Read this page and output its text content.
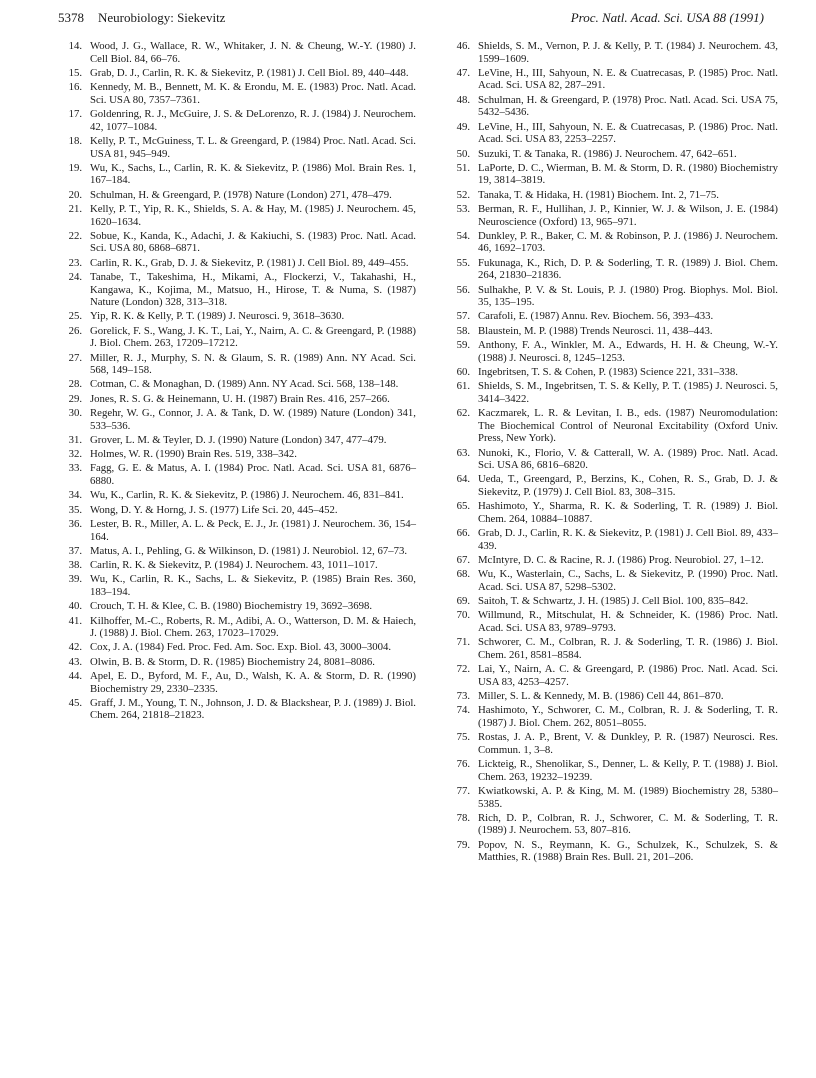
5378 Neurobiology: Siekevitz	Proc. Natl. Acad. Sci. USA 88 (1991)
14. Wood, J. G., Wallace, R. W., Whitaker, J. N. & Cheung, W.-Y. (1980) J. Cell Biol. 84, 66–76.
15. Grab, D. J., Carlin, R. K. & Siekevitz, P. (1981) J. Cell Biol. 89, 440–448.
16. Kennedy, M. B., Bennett, M. K. & Erondu, M. E. (1983) Proc. Natl. Acad. Sci. USA 80, 7357–7361.
17. Goldenring, R. J., McGuire, J. S. & DeLorenzo, R. J. (1984) J. Neurochem. 42, 1077–1084.
18. Kelly, P. T., McGuiness, T. L. & Greengard, P. (1984) Proc. Natl. Acad. Sci. USA 81, 945–949.
19. Wu, K., Sachs, L., Carlin, R. K. & Siekevitz, P. (1986) Mol. Brain Res. 1, 167–184.
20. Schulman, H. & Greengard, P. (1978) Nature (London) 271, 478–479.
21. Kelly, P. T., Yip, R. K., Shields, S. A. & Hay, M. (1985) J. Neurochem. 45, 1620–1634.
22. Sobue, K., Kanda, K., Adachi, J. & Kakiuchi, S. (1983) Proc. Natl. Acad. Sci. USA 80, 6868–6871.
23. Carlin, R. K., Grab, D. J. & Siekevitz, P. (1981) J. Cell Biol. 89, 449–455.
24. Tanabe, T., Takeshima, H., Mikami, A., Flockerzi, V., Takahashi, H., Kangawa, K., Kojima, M., Matsuo, H., Hirose, T. & Numa, S. (1987) Nature (London) 328, 313–318.
25. Yip, R. K. & Kelly, P. T. (1989) J. Neurosci. 9, 3618–3630.
26. Gorelick, F. S., Wang, J. K. T., Lai, Y., Nairn, A. C. & Greengard, P. (1988) J. Biol. Chem. 263, 17209–17212.
27. Miller, R. J., Murphy, S. N. & Glaum, S. R. (1989) Ann. NY Acad. Sci. 568, 149–158.
28. Cotman, C. & Monaghan, D. (1989) Ann. NY Acad. Sci. 568, 138–148.
29. Jones, R. S. G. & Heinemann, U. H. (1987) Brain Res. 416, 257–266.
30. Regehr, W. G., Connor, J. A. & Tank, D. W. (1989) Nature (London) 341, 533–536.
31. Grover, L. M. & Teyler, D. J. (1990) Nature (London) 347, 477–479.
32. Holmes, W. R. (1990) Brain Res. 519, 338–342.
33. Fagg, G. E. & Matus, A. I. (1984) Proc. Natl. Acad. Sci. USA 81, 6876–6880.
34. Wu, K., Carlin, R. K. & Siekevitz, P. (1986) J. Neurochem. 46, 831–841.
35. Wong, D. Y. & Horng, J. S. (1977) Life Sci. 20, 445–452.
36. Lester, B. R., Miller, A. L. & Peck, E. J., Jr. (1981) J. Neurochem. 36, 154–164.
37. Matus, A. I., Pehling, G. & Wilkinson, D. (1981) J. Neurobiol. 12, 67–73.
38. Carlin, R. K. & Siekevitz, P. (1984) J. Neurochem. 43, 1011–1017.
39. Wu, K., Carlin, R. K., Sachs, L. & Siekevitz, P. (1985) Brain Res. 360, 183–194.
40. Crouch, T. H. & Klee, C. B. (1980) Biochemistry 19, 3692–3698.
41. Kilhoffer, M.-C., Roberts, R. M., Adibi, A. O., Watterson, D. M. & Haiech, J. (1988) J. Biol. Chem. 263, 17023–17029.
42. Cox, J. A. (1984) Fed. Proc. Fed. Am. Soc. Exp. Biol. 43, 3000–3004.
43. Olwin, B. B. & Storm, D. R. (1985) Biochemistry 24, 8081–8086.
44. Apel, E. D., Byford, M. F., Au, D., Walsh, K. A. & Storm, D. R. (1990) Biochemistry 29, 2330–2335.
45. Graff, J. M., Young, T. N., Johnson, J. D. & Blackshear, P. J. (1989) J. Biol. Chem. 264, 21818–21823.
46. Shields, S. M., Vernon, P. J. & Kelly, P. T. (1984) J. Neurochem. 43, 1599–1609.
47. LeVine, H., III, Sahyoun, N. E. & Cuatrecasas, P. (1985) Proc. Natl. Acad. Sci. USA 82, 287–291.
48. Schulman, H. & Greengard, P. (1978) Proc. Natl. Acad. Sci. USA 75, 5432–5436.
49. LeVine, H., III, Sahyoun, N. E. & Cuatrecasas, P. (1986) Proc. Natl. Acad. Sci. USA 83, 2253–2257.
50. Suzuki, T. & Tanaka, R. (1986) J. Neurochem. 47, 642–651.
51. LaPorte, D. C., Wierman, B. M. & Storm, D. R. (1980) Biochemistry 19, 3814–3819.
52. Tanaka, T. & Hidaka, H. (1981) Biochem. Int. 2, 71–75.
53. Berman, R. F., Hullihan, J. P., Kinnier, W. J. & Wilson, J. E. (1984) Neuroscience (Oxford) 13, 965–971.
54. Dunkley, P. R., Baker, C. M. & Robinson, P. J. (1986) J. Neurochem. 46, 1692–1703.
55. Fukunaga, K., Rich, D. P. & Soderling, T. R. (1989) J. Biol. Chem. 264, 21830–21836.
56. Sulhakhe, P. V. & St. Louis, P. J. (1980) Prog. Biophys. Mol. Biol. 35, 135–195.
57. Carafoli, E. (1987) Annu. Rev. Biochem. 56, 393–433.
58. Blaustein, M. P. (1988) Trends Neurosci. 11, 438–443.
59. Anthony, F. A., Winkler, M. A., Edwards, H. H. & Cheung, W.-Y. (1988) J. Neurosci. 8, 1245–1253.
60. Ingebritsen, T. S. & Cohen, P. (1983) Science 221, 331–338.
61. Shields, S. M., Ingebritsen, T. S. & Kelly, P. T. (1985) J. Neurosci. 5, 3414–3422.
62. Kaczmarek, L. R. & Levitan, I. B., eds. (1987) Neuromodulation: The Biochemical Control of Neuronal Excitability (Oxford Univ. Press, New York).
63. Nunoki, K., Florio, V. & Catterall, W. A. (1989) Proc. Natl. Acad. Sci. USA 86, 6816–6820.
64. Ueda, T., Greengard, P., Berzins, K., Cohen, R. S., Grab, D. J. & Siekevitz, P. (1979) J. Cell Biol. 83, 308–315.
65. Hashimoto, Y., Sharma, R. K. & Soderling, T. R. (1989) J. Biol. Chem. 264, 10884–10887.
66. Grab, D. J., Carlin, R. K. & Siekevitz, P. (1981) J. Cell Biol. 89, 433–439.
67. McIntyre, D. C. & Racine, R. J. (1986) Prog. Neurobiol. 27, 1–12.
68. Wu, K., Wasterlain, C., Sachs, L. & Siekevitz, P. (1990) Proc. Natl. Acad. Sci. USA 87, 5298–5302.
69. Saitoh, T. & Schwartz, J. H. (1985) J. Cell Biol. 100, 835–842.
70. Willmund, R., Mitschulat, H. & Schneider, K. (1986) Proc. Natl. Acad. Sci. USA 83, 9789–9793.
71. Schworer, C. M., Colbran, R. J. & Soderling, T. R. (1986) J. Biol. Chem. 261, 8581–8584.
72. Lai, Y., Nairn, A. C. & Greengard, P. (1986) Proc. Natl. Acad. Sci. USA 83, 4253–4257.
73. Miller, S. L. & Kennedy, M. B. (1986) Cell 44, 861–870.
74. Hashimoto, Y., Schworer, C. M., Colbran, R. J. & Soderling, T. R. (1987) J. Biol. Chem. 262, 8051–8055.
75. Rostas, J. A. P., Brent, V. & Dunkley, P. R. (1987) Neurosci. Res. Commun. 1, 3–8.
76. Lickteig, R., Shenolikar, S., Denner, L. & Kelly, P. T. (1988) J. Biol. Chem. 263, 19232–19239.
77. Kwiatkowski, A. P. & King, M. M. (1989) Biochemistry 28, 5380–5385.
78. Rich, D. P., Colbran, R. J., Schworer, C. M. & Soderling, T. R. (1989) J. Neurochem. 53, 807–816.
79. Popov, N. S., Reymann, K. G., Schulzek, K., Schulzek, S. & Matthies, R. (1988) Brain Res. Bull. 21, 201–206.
